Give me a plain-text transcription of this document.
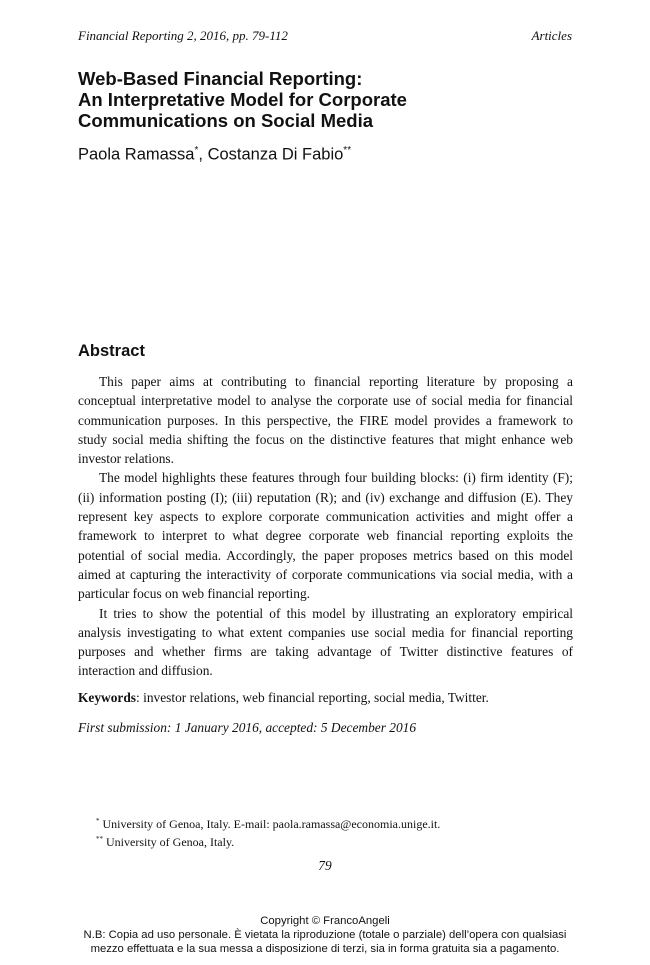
Financial Reporting 2, 2016, pp. 79-112	Articles
Web-Based Financial Reporting:
An Interpretative Model for Corporate
Communications on Social Media
Paola Ramassa*, Costanza Di Fabio**
Abstract

This paper aims at contributing to financial reporting literature by proposing a conceptual interpretative model to analyse the corporate use of social media for financial communication purposes. In this perspective, the FIRE model provides a framework to study social media shifting the focus on the distinctive features that might enhance web investor relations.

The model highlights these features through four building blocks: (i) firm identity (F); (ii) information posting (I); (iii) reputation (R); and (iv) exchange and diffusion (E). They represent key aspects to explore corporate communication activities and might offer a framework to interpret to what degree corporate web financial reporting exploits the potential of social media. Accordingly, the paper proposes metrics based on this model aimed at capturing the interactivity of corporate communications via social media, with a particular focus on web financial reporting.

It tries to show the potential of this model by illustrating an exploratory empirical analysis investigating to what extent companies use social media for financial reporting purposes and whether firms are taking advantage of Twitter distinctive features of interaction and diffusion.

Keywords: investor relations, web financial reporting, social media, Twitter.
First submission: 1 January 2016, accepted: 5 December 2016
* University of Genoa, Italy. E-mail: paola.ramassa@economia.unige.it.
** University of Genoa, Italy.
79
Copyright © FrancoAngeli
N.B: Copia ad uso personale. È vietata la riproduzione (totale o parziale) dell’opera con qualsiasi
mezzo effettuata e la sua messa a disposizione di terzi, sia in forma gratuita sia a pagamento.
